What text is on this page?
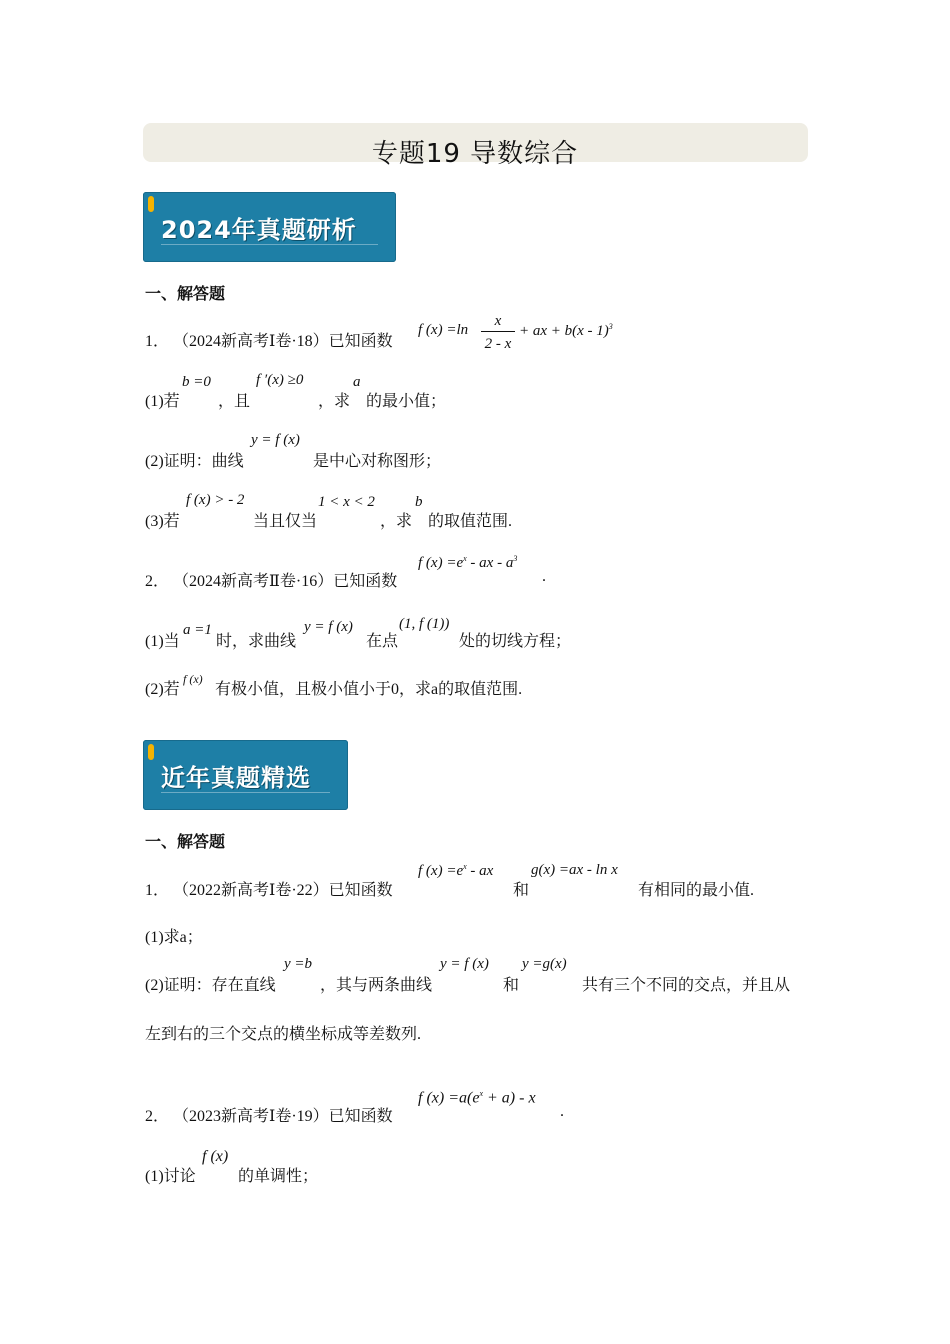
专题19 导数综合
2024年真题研析
一、解答题
1． （2024新高考Ⅰ卷·18）已知函数
f (x) =ln
x
2 - x
+ ax + b(x - 1)$^3$
(1)若
b =0
，且
f ′(x) ≥0
，求
a
的最小值；
(2)证明：曲线
y = f (x)
是中心对称图形；
(3)若
f (x) > - 2
当且仅当
1 < x < 2
，求
b
的取值范围.
2． （2024新高考Ⅱ卷·16）已知函数
f $(x) =e^x$ - ax - $a^3$
.
(1)当
a =1
时，求曲线
y = f (x)
在点
(1, f (1))
处的切线方程；
(2)若
f (x)
有极小值，且极小值小于0，求a的取值范围.
近年真题精选
一、解答题
1． （2022新高考Ⅰ卷·22）已知函数
f $(x) =e^x$ - ax
和
g(x) =ax - ln x
有相同的最小值.
(1)求a；
(2)证明：存在直线
y =b
，其与两条曲线
y = f (x)
和
y =g(x)
共有三个不同的交点，并且从
左到右的三个交点的横坐标成等差数列.
2． （2023新高考Ⅰ卷·19）已知函数
f $(x) =a(e^x + a) - x$
.
(1)讨论
f (x)
的单调性；
